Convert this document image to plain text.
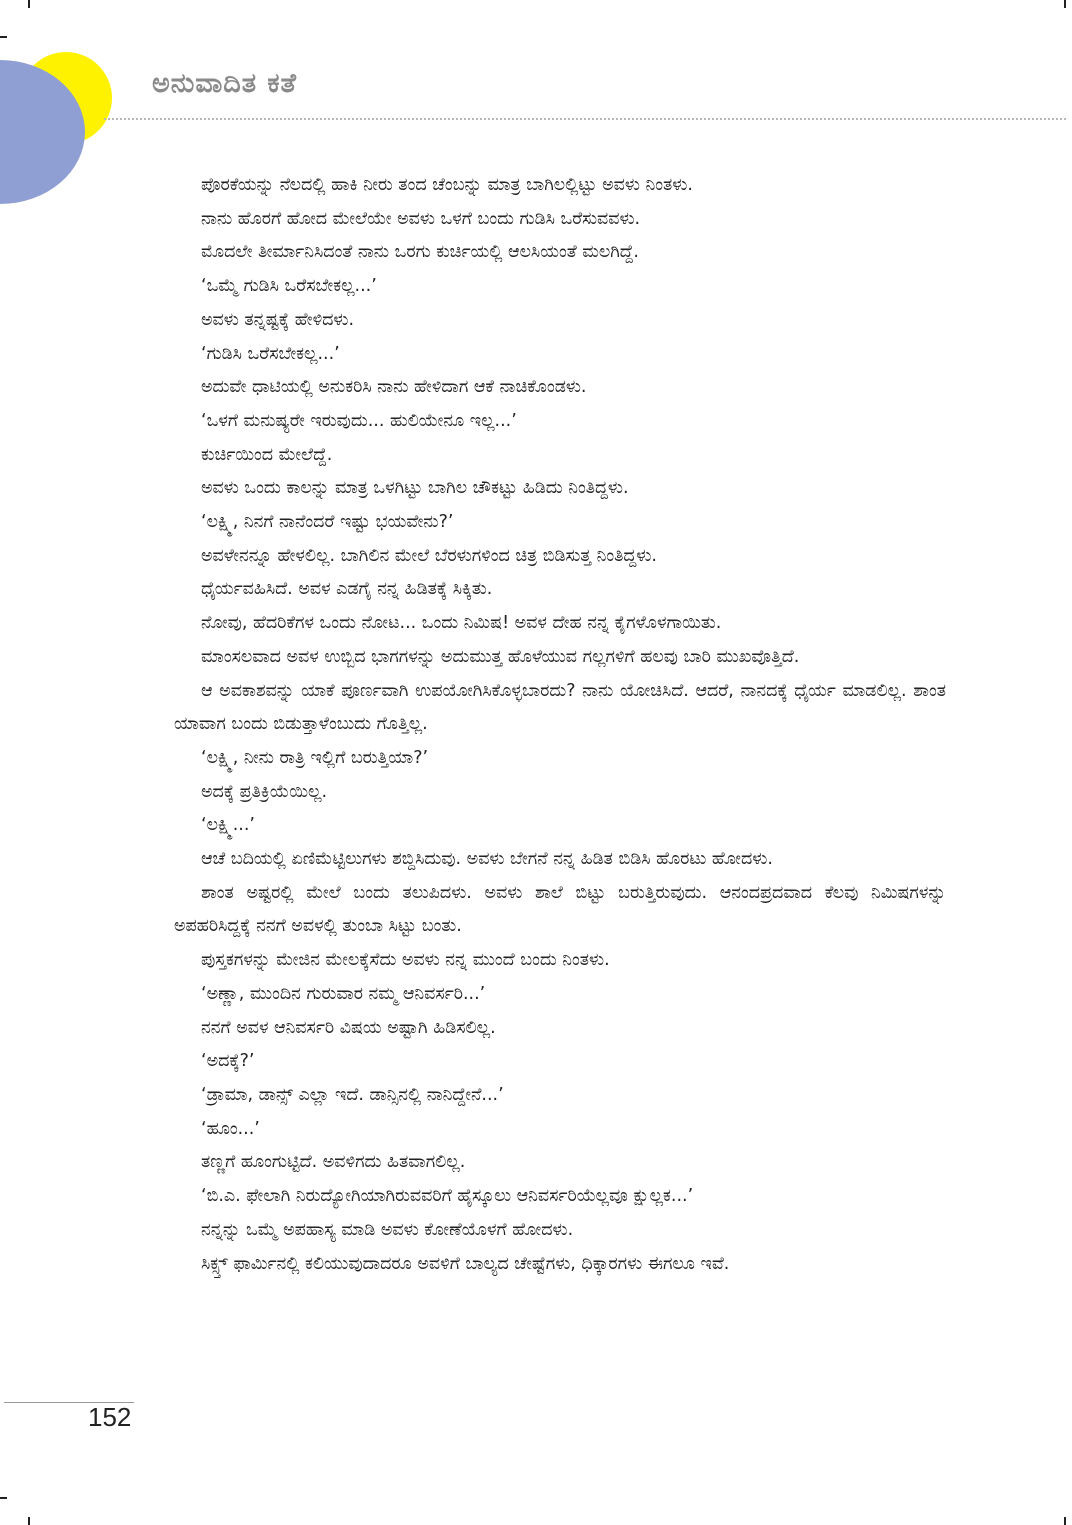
ಅನುವಾದಿತ ಕತೆ

ಪೊರಕೆಯನ್ನು ನೆಲದಲ್ಲಿ ಹಾಕಿ ನೀರು ತಂದ ಚೆಂಬನ್ನು ಮಾತ್ರ ಬಾಗಿಲಲ್ಲಿಟ್ಟು ಅವಳು ನಿಂತಳು.

ನಾನು ಹೊರಗೆ ಹೋದ ಮೇಲೆಯೇ ಅವಳು ಒಳಗೆ ಬಂದು ಗುಡಿಸಿ ಒರೆಸುವವಳು.

ಮೊದಲೇ ತೀರ್ಮಾನಿಸಿದಂತೆ ನಾನು ಒರಗು ಕುರ್ಚಿಯಲ್ಲಿ ಆಲಸಿಯಂತೆ ಮಲಗಿದ್ದೆ.

‘ಒಮ್ಮೆ ಗುಡಿಸಿ ಒರೆಸಬೇಕಲ್ಲ...’

ಅವಳು ತನ್ನಷ್ಟಕ್ಕೆ ಹೇಳಿದಳು.

‘ಗುಡಿಸಿ ಒರೆಸಬೇಕಲ್ಲ...’

ಅದುವೇ ಧಾಟಿಯಲ್ಲಿ ಅನುಕರಿಸಿ ನಾನು ಹೇಳಿದಾಗ ಆಕೆ ನಾಚಿಕೊಂಡಳು.

‘ಒಳಗೆ ಮನುಷ್ಯರೇ ಇರುವುದು... ಹುಲಿಯೇನೂ ಇಲ್ಲ...’

ಕುರ್ಚಿಯಿಂದ ಮೇಲೆದ್ದೆ.

ಅವಳು ಒಂದು ಕಾಲನ್ನು ಮಾತ್ರ ಒಳಗಿಟ್ಟು ಬಾಗಿಲ ಚೌಕಟ್ಟು ಹಿಡಿದು ನಿಂತಿದ್ದಳು.

‘ಲಕ್ಷ್ಮಿ, ನಿನಗೆ ನಾನೆಂದರೆ ಇಷ್ಟು ಭಯವೇನು?’

ಅವಳೇನನ್ನೂ ಹೇಳಲಿಲ್ಲ. ಬಾಗಿಲಿನ ಮೇಲೆ ಬೆರಳುಗಳಿಂದ ಚಿತ್ರ ಬಿಡಿಸುತ್ತ ನಿಂತಿದ್ದಳು.

ಧೈರ್ಯವಹಿಸಿದೆ. ಅವಳ ಎಡಗೈ ನನ್ನ ಹಿಡಿತಕ್ಕೆ ಸಿಕ್ಕಿತು.

ನೋವು, ಹೆದರಿಕೆಗಳ ಒಂದು ನೋಟ... ಒಂದು ನಿಮಿಷ! ಅವಳ ದೇಹ ನನ್ನ ಕೈಗಳೊಳಗಾಯಿತು.

ಮಾಂಸಲವಾದ ಅವಳ ಉಬ್ಬಿದ ಭಾಗಗಳನ್ನು ಅದುಮುತ್ತ ಹೊಳೆಯುವ ಗಲ್ಲಗಳಿಗೆ ಹಲವು ಬಾರಿ ಮುಖವೊತ್ತಿದೆ.

ಆ ಅವಕಾಶವನ್ನು ಯಾಕೆ ಪೂರ್ಣವಾಗಿ ಉಪಯೋಗಿಸಿಕೊಳ್ಳಬಾರದು? ನಾನು ಯೋಚಿಸಿದೆ. ಆದರೆ, ನಾನದಕ್ಕೆ ಧೈರ್ಯ ಮಾಡಲಿಲ್ಲ. ಶಾಂತ ಯಾವಾಗ ಬಂದು ಬಿಡುತ್ತಾಳೆಂಬುದು ಗೊತ್ತಿಲ್ಲ.

‘ಲಕ್ಷ್ಮಿ, ನೀನು ರಾತ್ರಿ ಇಲ್ಲಿಗೆ ಬರುತ್ತಿಯಾ?’

ಅದಕ್ಕೆ ಪ್ರತಿಕ್ರಿಯೆಯಿಲ್ಲ.

‘ಲಕ್ಷ್ಮಿ...’

ಆಚೆ ಬದಿಯಲ್ಲಿ ಏಣಿಮೆಟ್ಟಿಲುಗಳು ಶಬ್ದಿಸಿದುವು. ಅವಳು ಬೇಗನೆ ನನ್ನ ಹಿಡಿತ ಬಿಡಿಸಿ ಹೊರಟು ಹೋದಳು.

ಶಾಂತ ಅಷ್ಟರಲ್ಲಿ ಮೇಲೆ ಬಂದು ತಲುಪಿದಳು. ಅವಳು ಶಾಲೆ ಬಿಟ್ಟು ಬರುತ್ತಿರುವುದು. ಆನಂದಪ್ರದವಾದ ಕೆಲವು ನಿಮಿಷಗಳನ್ನು ಅಪಹರಿಸಿದ್ದಕ್ಕೆ ನನಗೆ ಅವಳಲ್ಲಿ ತುಂಬಾ ಸಿಟ್ಟು ಬಂತು.

ಪುಸ್ತಕಗಳನ್ನು ಮೇಜಿನ ಮೇಲಕ್ಕೆಸೆದು ಅವಳು ನನ್ನ ಮುಂದೆ ಬಂದು ನಿಂತಳು.

‘ಅಣ್ಣಾ, ಮುಂದಿನ ಗುರುವಾರ ನಮ್ಮ ಆನಿವರ್ಸರಿ...’

ನನಗೆ ಅವಳ ಆನಿವರ್ಸರಿ ವಿಷಯ ಅಷ್ಟಾಗಿ ಹಿಡಿಸಲಿಲ್ಲ.

‘ಅದಕ್ಕೆ?’

‘ಡ್ರಾಮಾ, ಡಾನ್ಸ್ ಎಲ್ಲಾ ಇದೆ. ಡಾನ್ಸಿನಲ್ಲಿ ನಾನಿದ್ದೇನೆ...’

‘ಹೂಂ...’

ತಣ್ಣಗೆ ಹೂಂಗುಟ್ಟಿದೆ. ಅವಳಿಗದು ಹಿತವಾಗಲಿಲ್ಲ.

‘ಬಿ.ಎ. ಫೇಲಾಗಿ ನಿರುದ್ಯೋಗಿಯಾಗಿರುವವರಿಗೆ ಹೈಸ್ಕೂಲು ಆನಿವರ್ಸರಿಯೆಲ್ಲವೂ ಕ್ಷುಲ್ಲಕ...’

ನನ್ನನ್ನು ಒಮ್ಮೆ ಅಪಹಾಸ್ಯ ಮಾಡಿ ಅವಳು ಕೋಣೆಯೊಳಗೆ ಹೋದಳು.

ಸಿಕ್ಸ್ತ್ ಫಾರ್ಮಿನಲ್ಲಿ ಕಲಿಯುವುದಾದರೂ ಅವಳಿಗೆ ಬಾಲ್ಯದ ಚೇಷ್ಟೆಗಳು, ಧಿಕ್ಕಾರಗಳು ಈಗಲೂ ಇವೆ.

152
